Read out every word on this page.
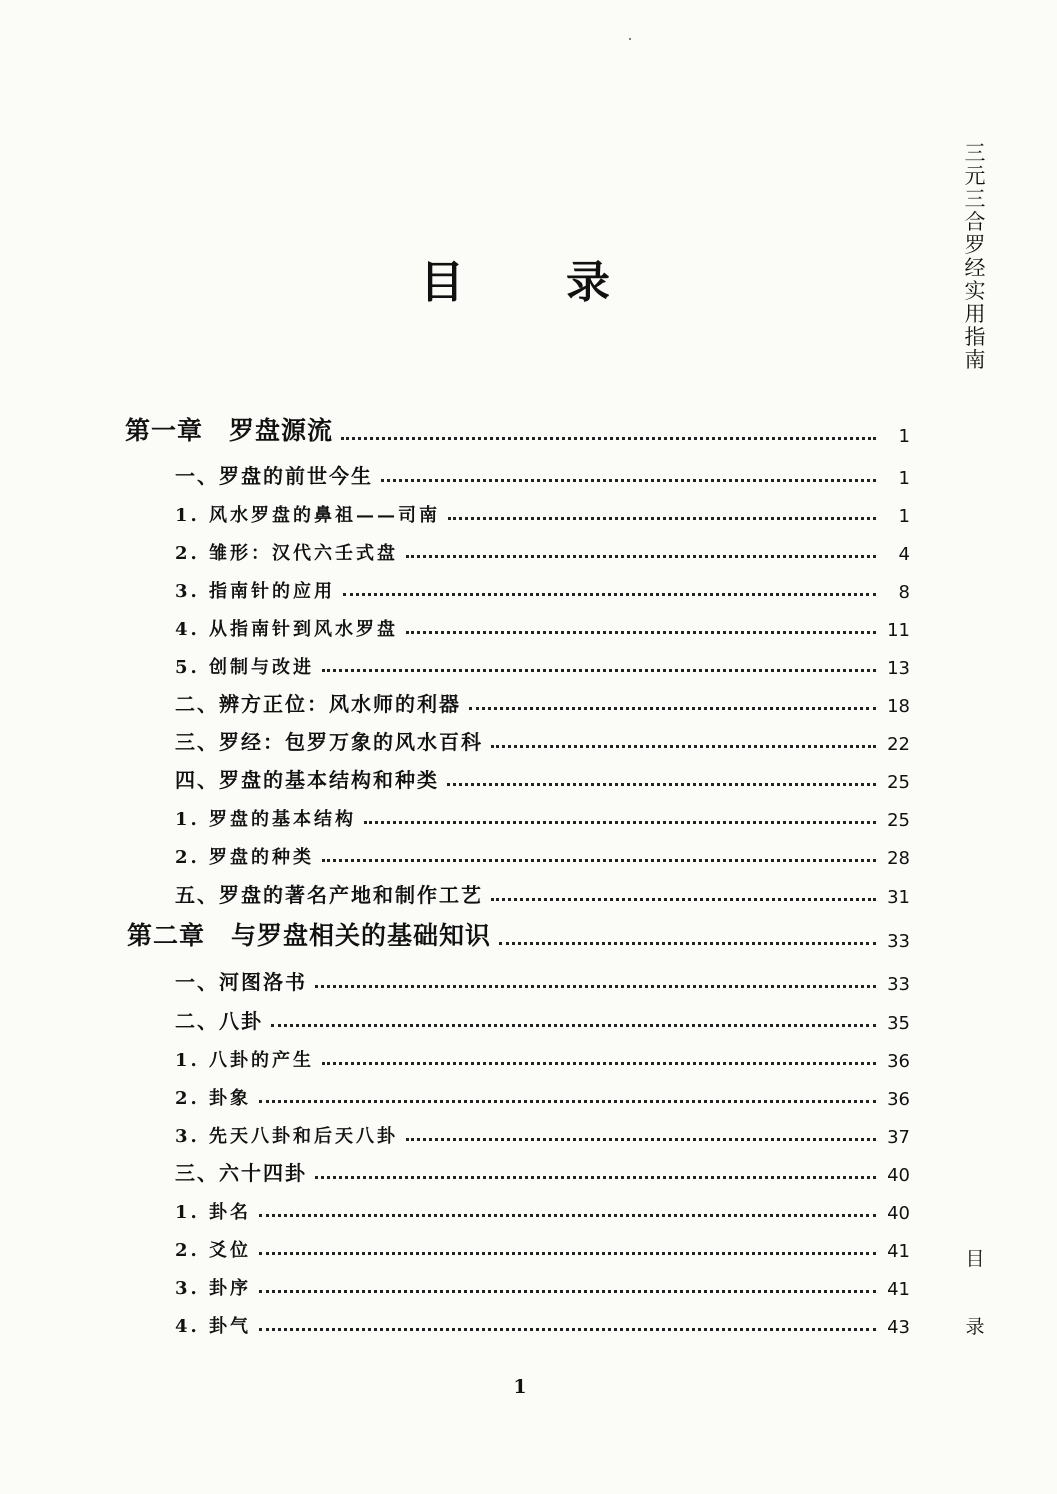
三
元
三
合
罗
经
实
用
指
南
目 录
第一章　罗盘源流	1
一、罗盘的前世今生	1
1. 风水罗盘的鼻祖——司南	1
2. 雏形：汉代六壬式盘	4
3. 指南针的应用	8
4. 从指南针到风水罗盘	11
5. 创制与改进	13
二、辨方正位：风水师的利器	18
三、罗经：包罗万象的风水百科	22
四、罗盘的基本结构和种类	25
1. 罗盘的基本结构	25
2. 罗盘的种类	28
五、罗盘的著名产地和制作工艺	31
第二章　与罗盘相关的基础知识	33
一、河图洛书	33
二、八卦	35
1. 八卦的产生	36
2. 卦象	36
3. 先天八卦和后天八卦	37
三、六十四卦	40
1. 卦名	40
2. 爻位	41
3. 卦序	41
4. 卦气	43
目
录
1
